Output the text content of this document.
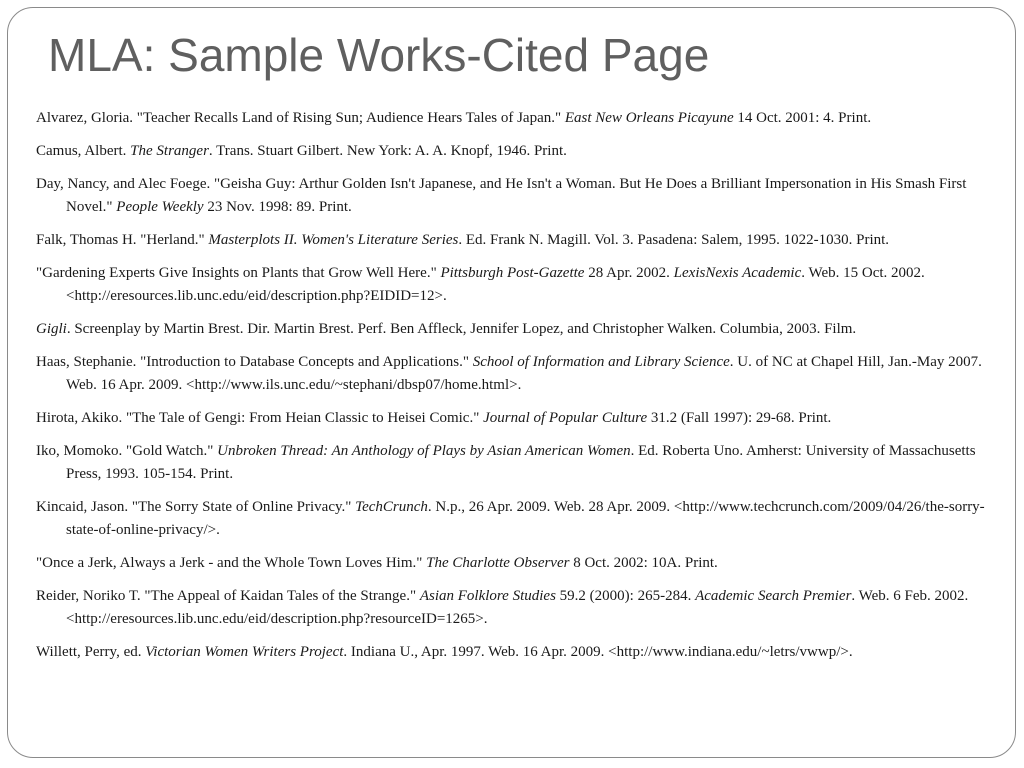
MLA: Sample Works-Cited Page
Alvarez, Gloria. "Teacher Recalls Land of Rising Sun; Audience Hears Tales of Japan." East New Orleans Picayune 14 Oct. 2001: 4. Print.
Camus, Albert. The Stranger. Trans. Stuart Gilbert. New York: A. A. Knopf, 1946. Print.
Day, Nancy, and Alec Foege. "Geisha Guy: Arthur Golden Isn't Japanese, and He Isn't a Woman. But He Does a Brilliant Impersonation in His Smash First Novel." People Weekly 23 Nov. 1998: 89. Print.
Falk, Thomas H. "Herland." Masterplots II. Women's Literature Series. Ed. Frank N. Magill. Vol. 3. Pasadena: Salem, 1995. 1022-1030. Print.
"Gardening Experts Give Insights on Plants that Grow Well Here." Pittsburgh Post-Gazette 28 Apr. 2002. LexisNexis Academic. Web. 15 Oct. 2002. <http://eresources.lib.unc.edu/eid/description.php?EIDID=12>.
Gigli. Screenplay by Martin Brest. Dir. Martin Brest. Perf. Ben Affleck, Jennifer Lopez, and Christopher Walken. Columbia, 2003. Film.
Haas, Stephanie. "Introduction to Database Concepts and Applications." School of Information and Library Science. U. of NC at Chapel Hill, Jan.-May 2007. Web. 16 Apr. 2009. <http://www.ils.unc.edu/~stephani/dbsp07/home.html>.
Hirota, Akiko. "The Tale of Gengi: From Heian Classic to Heisei Comic." Journal of Popular Culture 31.2 (Fall 1997): 29-68. Print.
Iko, Momoko. "Gold Watch." Unbroken Thread: An Anthology of Plays by Asian American Women. Ed. Roberta Uno. Amherst: University of Massachusetts Press, 1993. 105-154. Print.
Kincaid, Jason. "The Sorry State of Online Privacy." TechCrunch. N.p., 26 Apr. 2009. Web. 28 Apr. 2009. <http://www.techcrunch.com/2009/04/26/the-sorry-state-of-online-privacy/>.
"Once a Jerk, Always a Jerk - and the Whole Town Loves Him." The Charlotte Observer 8 Oct. 2002: 10A. Print.
Reider, Noriko T. "The Appeal of Kaidan Tales of the Strange." Asian Folklore Studies 59.2 (2000): 265-284. Academic Search Premier. Web. 6 Feb. 2002. <http://eresources.lib.unc.edu/eid/description.php?resourceID=1265>.
Willett, Perry, ed. Victorian Women Writers Project. Indiana U., Apr. 1997. Web. 16 Apr. 2009. <http://www.indiana.edu/~letrs/vwwp/>.
